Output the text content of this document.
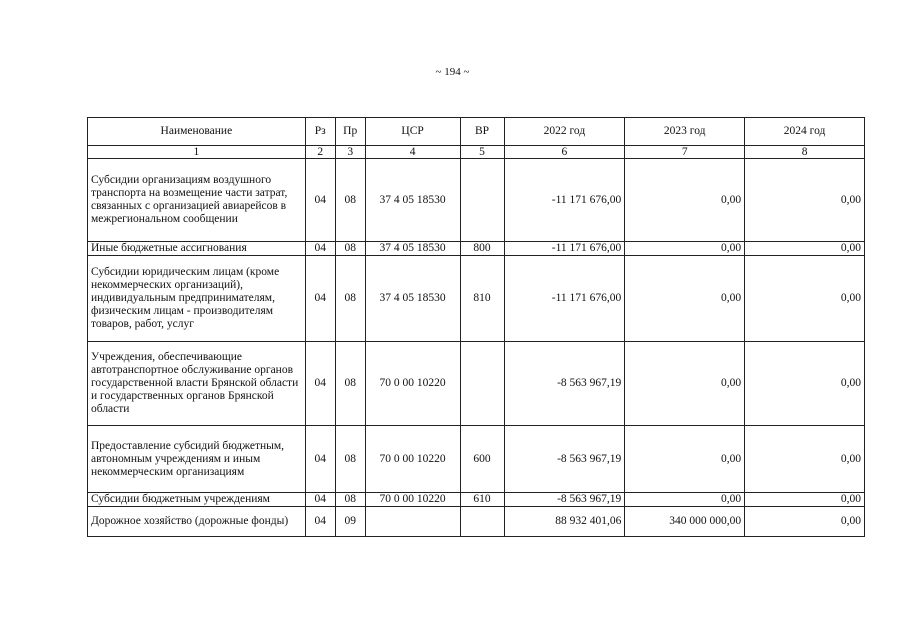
~ 194 ~
Наименование	Рз	Пр	ЦСР	ВР	2022 год	2023 год	2024 год
1	2	3	4	5	6	7	8
Субсидии организациям воздушного транспорта на возмещение части затрат, связанных с организацией авиарейсов в межрегиональном сообщении	04	08	37 4 05 18530		-11 171 676,00	0,00	0,00
Иные бюджетные ассигнования	04	08	37 4 05 18530	800	-11 171 676,00	0,00	0,00
Субсидии юридическим лицам (кроме некоммерческих организаций), индивидуальным предпринимателям, физическим лицам - производителям товаров, работ, услуг	04	08	37 4 05 18530	810	-11 171 676,00	0,00	0,00
Учреждения, обеспечивающие автотранспортное обслуживание органов государственной власти Брянской области и государственных органов Брянской области	04	08	70 0 00 10220		-8 563 967,19	0,00	0,00
Предоставление субсидий бюджетным, автономным учреждениям и иным некоммерческим организациям	04	08	70 0 00 10220	600	-8 563 967,19	0,00	0,00
Субсидии бюджетным учреждениям	04	08	70 0 00 10220	610	-8 563 967,19	0,00	0,00
Дорожное хозяйство (дорожные фонды)	04	09			88 932 401,06	340 000 000,00	0,00
